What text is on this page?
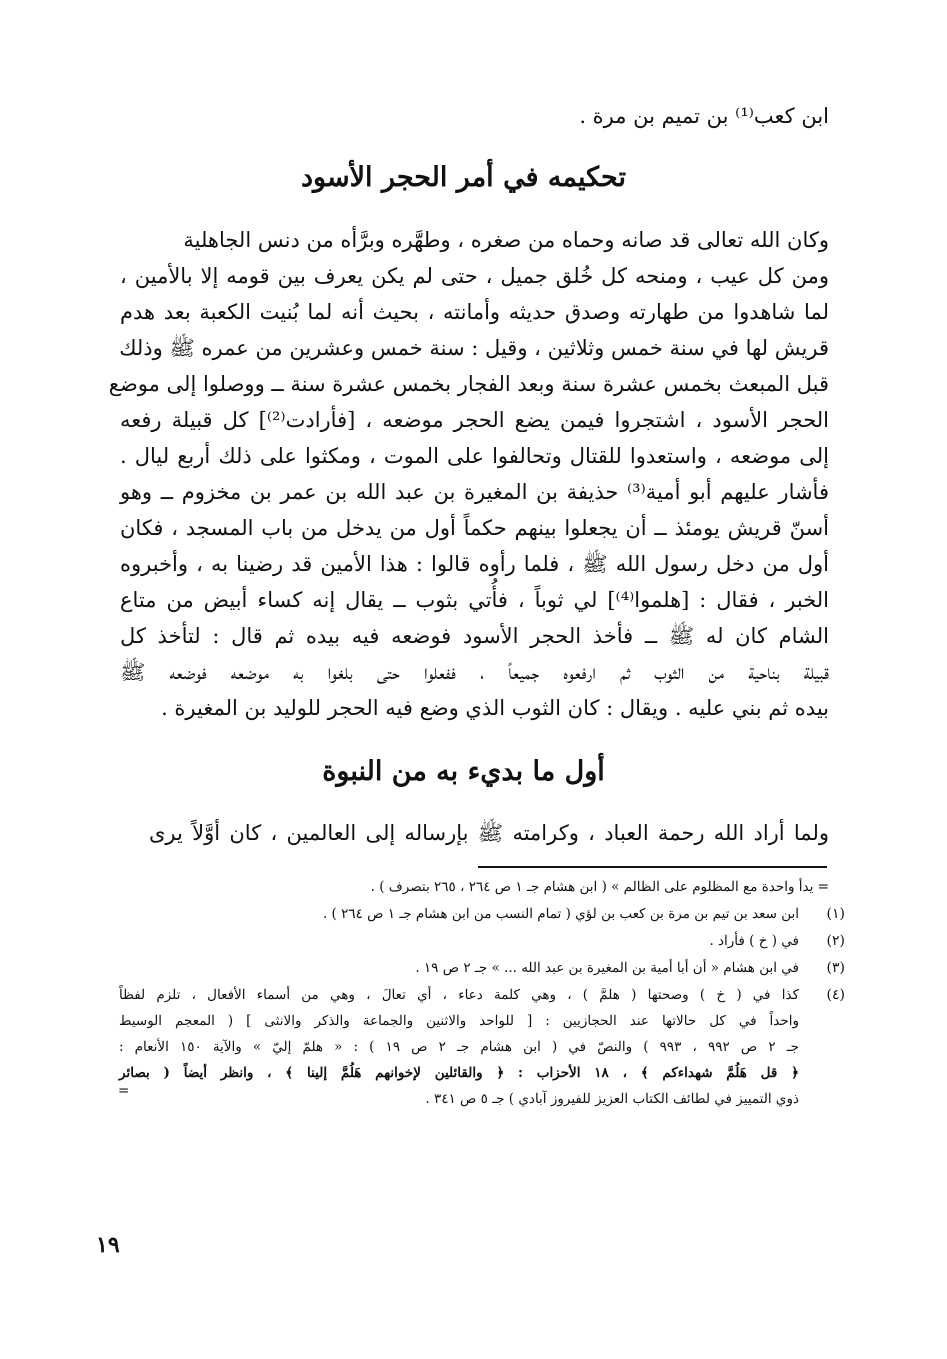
ابن كعب⁽¹⁾ بن تميم بن مرة .
تحكيمه في أمر الحجر الأسود
وكان الله تعالى قد صانه وحماه من صغره ، وطهَّره وبرَّأه من دنس الجاهلية
ومن كل عيب ، ومنحه كل خُلق جميل ، حتى لم يكن يعرف بين قومه إلا بالأمين ،
لما شاهدوا من طهارته وصدق حديثه وأمانته ، بحيث أنه لما بُنيت الكعبة بعد هدم
قريش لها في سنة خمس وثلاثين ، وقيل : سنة خمس وعشرين من عمره ﷺ وذلك
قبل المبعث بخمس عشرة سنة وبعد الفجار بخمس عشرة سنة ــ ووصلوا إلى موضع
الحجر الأسود ، اشتجروا فيمن يضع الحجر موضعه ، [فأرادت⁽²⁾] كل قبيلة رفعه
إلى موضعه ، واستعدوا للقتال وتحالفوا على الموت ، ومكثوا على ذلك أربع ليال .
فأشار عليهم أبو أمية⁽³⁾ حذيفة بن المغيرة بن عبد الله بن عمر بن مخزوم ــ وهو
أسنّ قريش يومئذ ــ أن يجعلوا بينهم حكماً أول من يدخل من باب المسجد ، فكان
أول من دخل رسول الله ﷺ ، فلما رأوه قالوا : هذا الأمين قد رضينا به ، وأخبروه
الخبر ، فقال : [هلموا⁽⁴⁾] لي ثوباً ، فأُتي بثوب ــ يقال إنه كساء أبيض من متاع
الشام كان له ﷺ ــ فأخذ الحجر الأسود فوضعه فيه بيده ثم قال : لتأخذ كل
قبيلة بناحية من الثوب ثم ارفعوه جميعاً ، ففعلوا حتى بلغوا به موضعه فوضعه ﷺ
بيده ثم بني عليه . ويقال : كان الثوب الذي وضع فيه الحجر للوليد بن المغيرة .
أول ما بديء به من النبوة
ولما أراد الله رحمة العباد ، وكرامته ﷺ بإرساله إلى العالمين ، كان أوَّلاً يرى
= يدأ واحدة مع المظلوم على الظالم » ( ابن هشام جـ ١ ص ٢٦٤ ، ٢٦٥ بتصرف ) .
(١)
ابن سعد بن تيم بن مرة بن كعب بن لؤي ( تمام النسب من ابن هشام جـ ١ ص ٢٦٤ ) .
(٢)
في ( خ ) فأراد .
(٣)
في ابن هشام « أن أبا أمية بن المغيرة بن عبد الله ... » جـ ٢ ص ١٩ .
(٤)
كذا في ( خ ) وصحتها ( هلمَّ ) ، وهي كلمة دعاء ، أي تعالَ ، وهي من أسماء الأفعال ، تلزم لفظاً
واحداً في كل حالاتها عند الحجازيين : [ للواحد والاثنين والجماعة والذكر والانثى ] ( المعجم الوسيط
جـ ٢ ص ٩٩٢ ، ٩٩٣ ) والنصّ في ( ابن هشام جـ ٢ ص ١٩ ) : « هلمّ إليّ » والآية ١٥٠ الأنعام :
﴿ قل هَلُمَّ شهداءكم ﴾ ، ١٨ الأحزاب : ﴿ والقائلين لإخوانهم هَلُمَّ إلينا ﴾ ، وانظر أيضاً ( بصائر
ذوي التمييز في لطائف الكتاب العزيز للفيروز آبادي ) جـ ٥ ص ٣٤١ .
=
١٩
